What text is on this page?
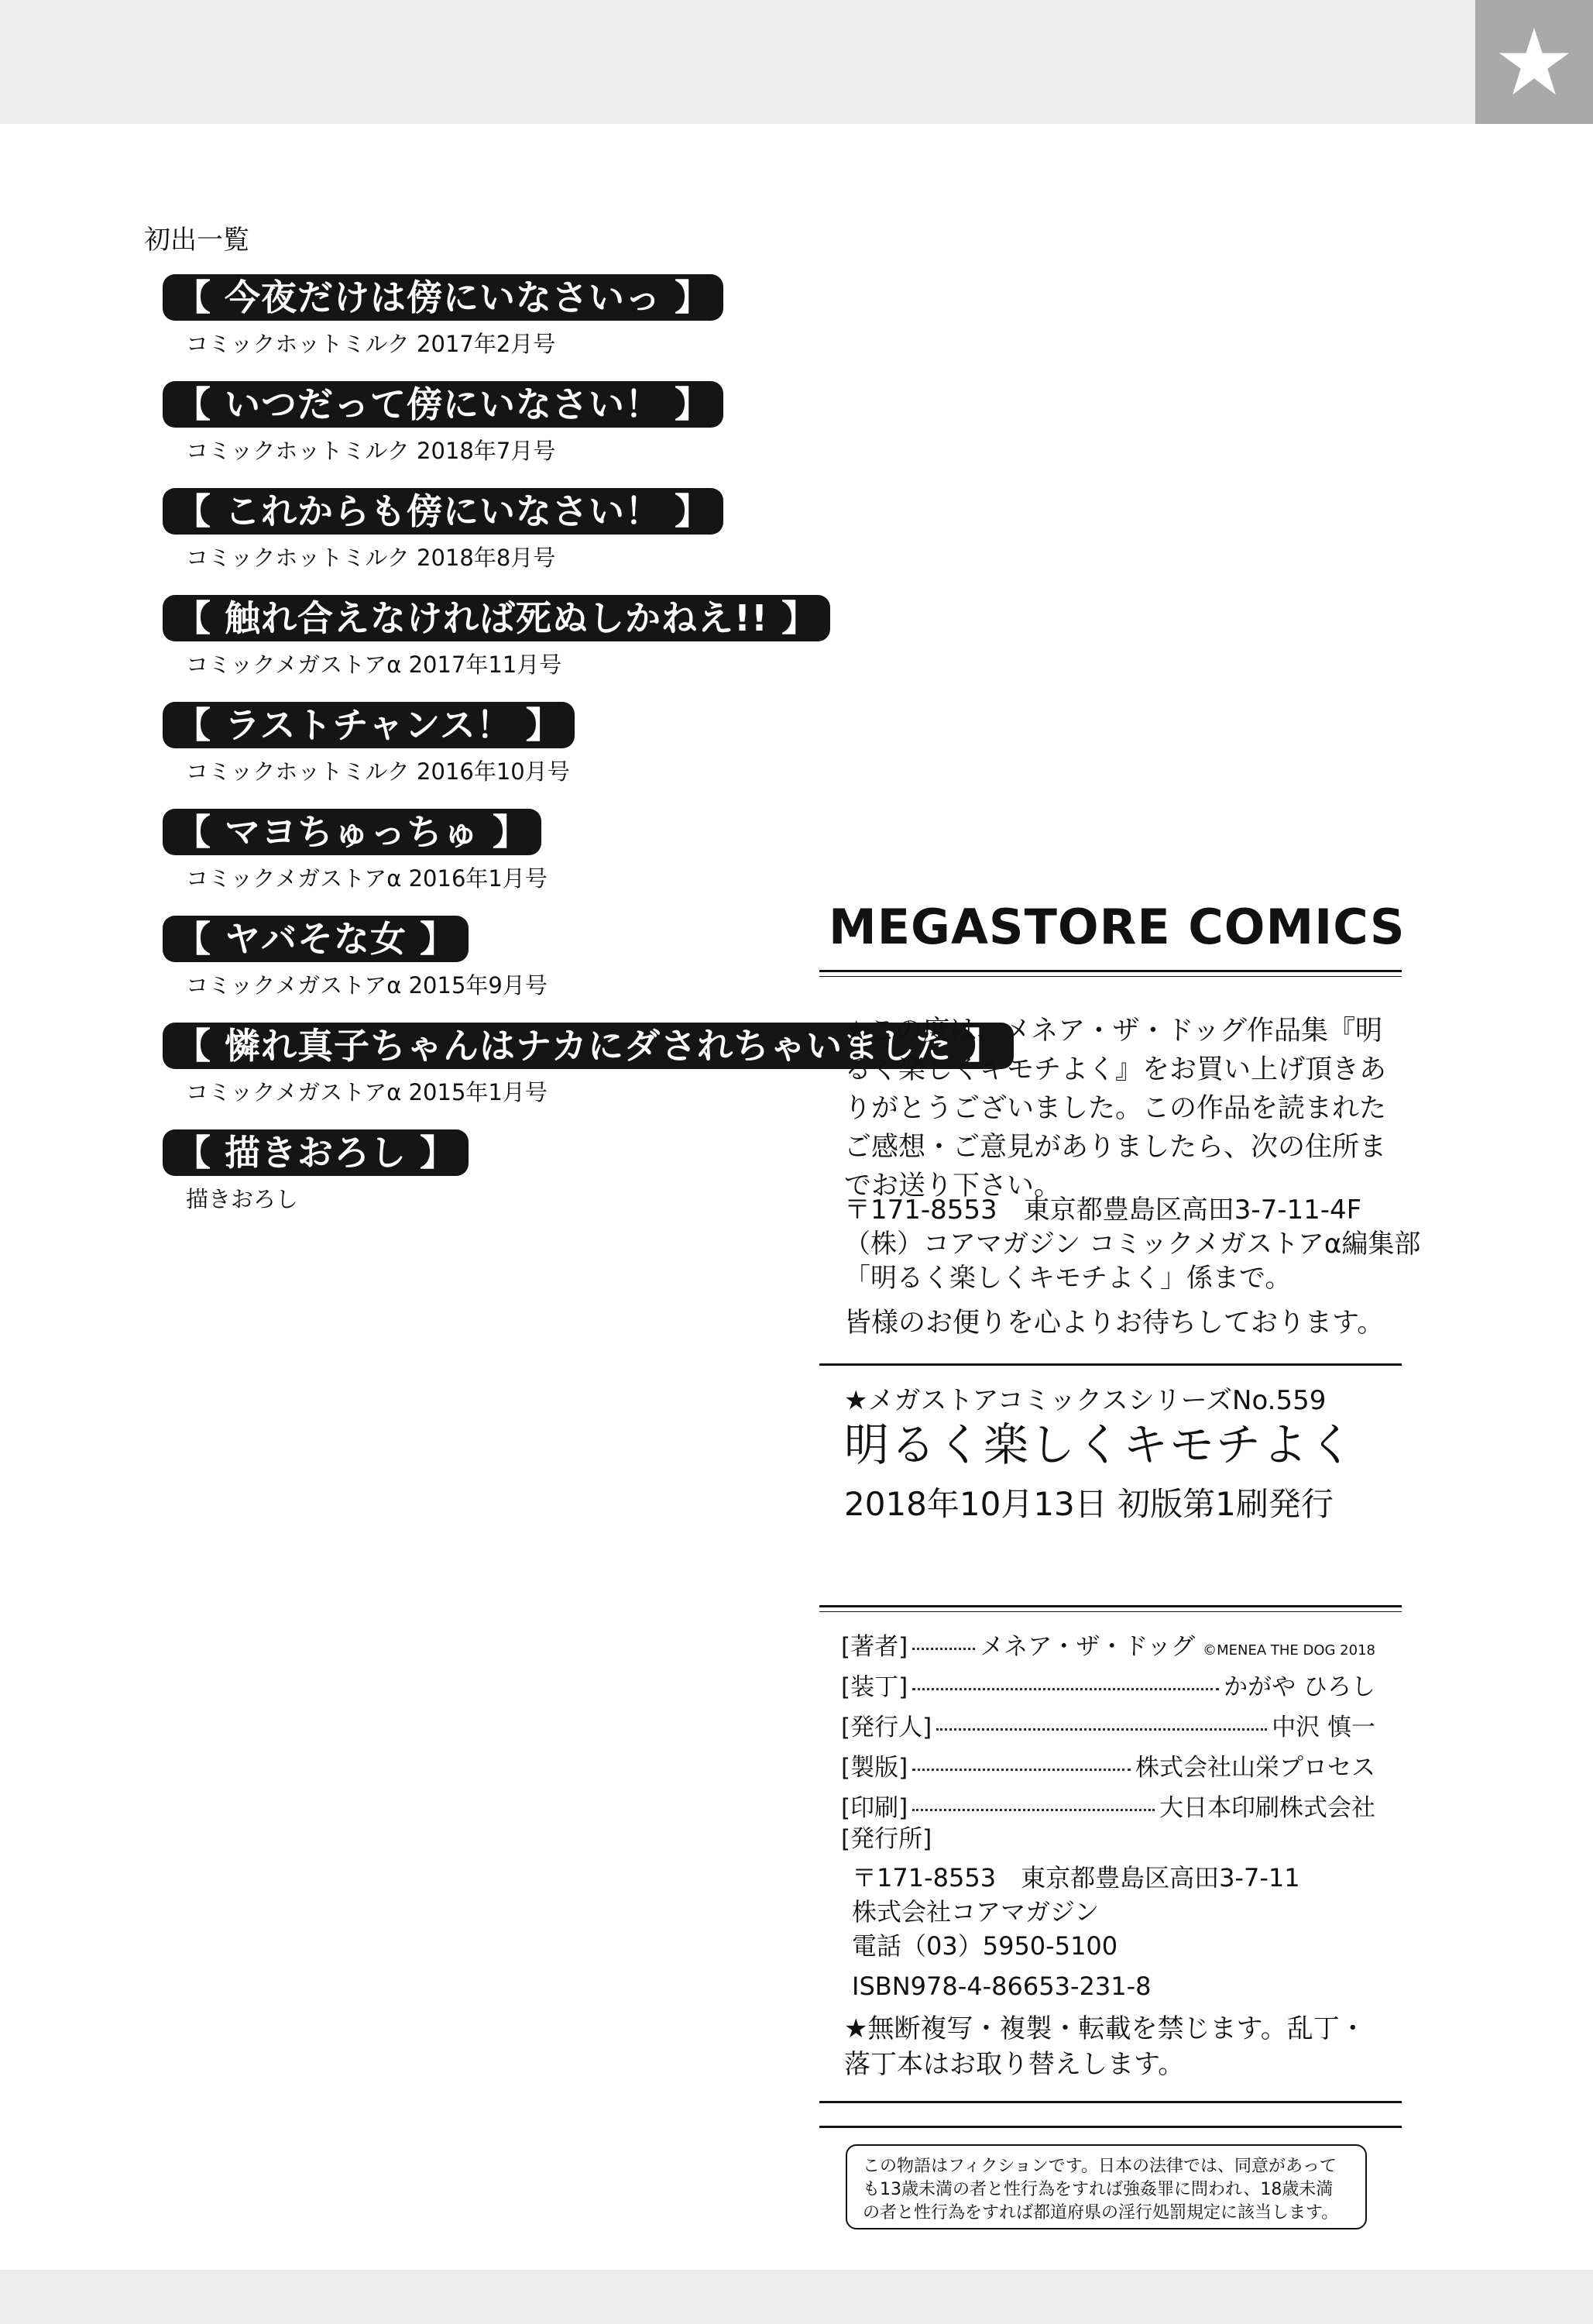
初出一覧
【 今夜だけは傍にいなさいっ 】
コミックホットミルク 2017年2月号
【 いつだって傍にいなさい！ 】
コミックホットミルク 2018年7月号
【 これからも傍にいなさい！ 】
コミックホットミルク 2018年8月号
【 触れ合えなければ死ぬしかねえ!! 】
コミックメガストアα 2017年11月号
【 ラストチャンス！ 】
コミックホットミルク 2016年10月号
【 マヨちゅっちゅ 】
コミックメガストアα 2016年1月号
【 ヤバそな女 】
コミックメガストアα 2015年9月号
【 憐れ真子ちゃんはナカにダされちゃいました 】
コミックメガストアα 2015年1月号
【 描きおろし 】
描きおろし
MEGASTORE COMICS
★この度は、メネア・ザ・ドッグ作品集『明るく楽しくキモチよく』をお買い上げ頂きありがとうございました。この作品を読まれたご感想・ご意見がありましたら、次の住所までお送り下さい。
〒171-8553　東京都豊島区高田3-7-11-4F
（株）コアマガジン コミックメガストアα編集部
「明るく楽しくキモチよく」係まで。
皆様のお便りを心よりお待ちしております。
★メガストアコミックスシリーズNo.559
明るく楽しくキモチよく
2018年10月13日 初版第1刷発行
[著者]	メネア・ザ・ドッグ ©MENEA THE DOG 2018
[装丁]	かがや ひろし
[発行人]	中沢 慎一
[製版]	株式会社山栄プロセス
[印刷]	大日本印刷株式会社
[発行所]
〒171-8553　東京都豊島区高田3-7-11
株式会社コアマガジン
電話（03）5950-5100
ISBN978-4-86653-231-8
★無断複写・複製・転載を禁じます。乱丁・落丁本はお取り替えします。
この物語はフィクションです。日本の法律では、同意があっても13歳未満の者と性行為をすれば強姦罪に問われ、18歳未満の者と性行為をすれば都道府県の淫行処罰規定に該当します。
